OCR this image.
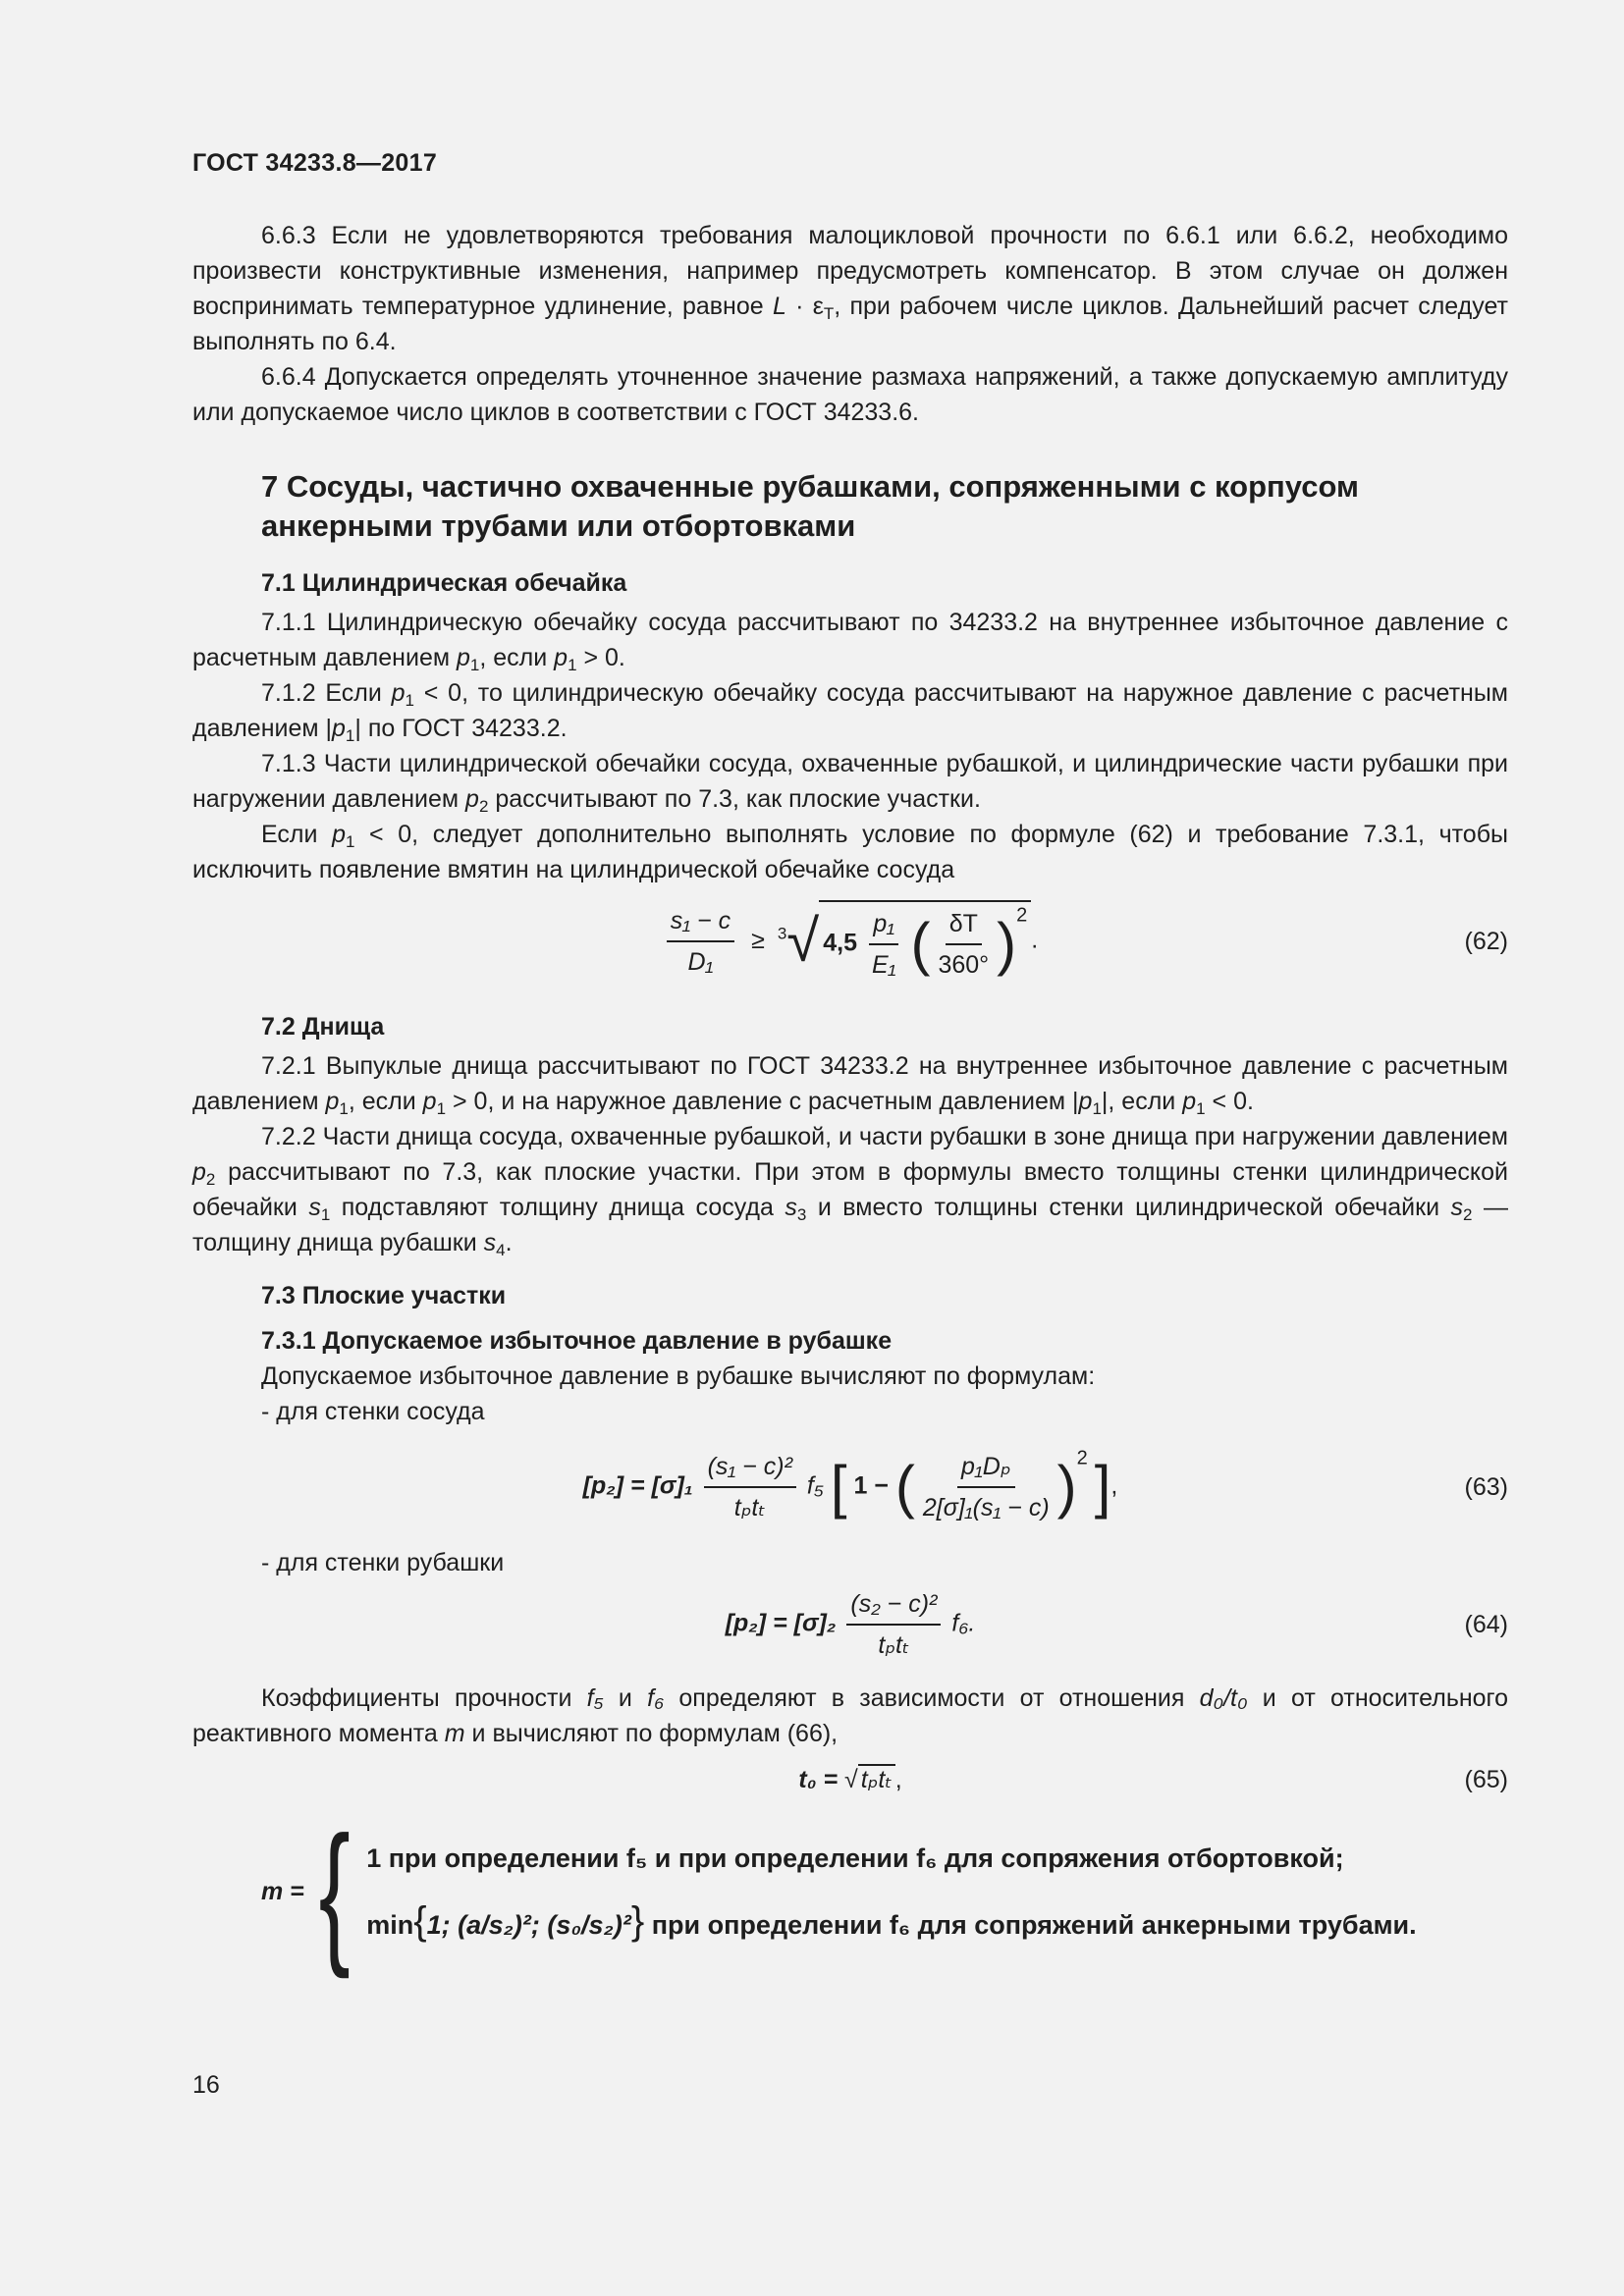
ГОСТ 34233.8—2017

6.6.3 Если не удовлетворяются требования малоцикловой прочности по 6.6.1 или 6.6.2, необходимо произвести конструктивные изменения, например предусмотреть компенсатор. В этом случае он должен воспринимать температурное удлинение, равное $L \cdot \varepsilon_T$, при рабочем числе циклов. Дальнейший расчет следует выполнять по 6.4.

6.6.4 Допускается определять уточненное значение размаха напряжений, а также допускаемую амплитуду или допускаемое число циклов в соответствии с ГОСТ 34233.6.

7 Сосуды, частично охваченные рубашками, сопряженными с корпусом анкерными трубами или отбортовками
7.1 Цилиндрическая обечайка

7.1.1 Цилиндрическую обечайку сосуда рассчитывают по 34233.2 на внутреннее избыточное давление с расчетным давлением $p_1$, если $p_1 > 0$.

7.1.2 Если $p_1 < 0$, то цилиндрическую обечайку сосуда рассчитывают на наружное давление с расчетным давлением $|p_1|$ по ГОСТ 34233.2.

7.1.3 Части цилиндрической обечайки сосуда, охваченные рубашкой, и цилиндрические части рубашки при нагружении давлением $p_2$ рассчитывают по 7.3, как плоские участки.

Если $p_1 < 0$, следует дополнительно выполнять условие по формуле (62) и требование 7.3.1, чтобы исключить появление вмятин на цилиндрической обечайке сосуда

$\frac{\text{s₁ − c}}{\text{D₁}} \ge ^3√$ $4,5 \frac{\text{p₁}}{\text{E₁}}$ ( $\frac{\delta T}{360^\circ} )^2$.	(62)
7.2 Днища

7.2.1 Выпуклые днища рассчитывают по ГОСТ 34233.2 на внутреннее избыточное давление с расчетным давлением $p_1$, если $p_1 > 0$, и на наружное давление с расчетным давлением $|p_1|$, если $p_1 < 0$.

7.2.2 Части днища сосуда, охваченные рубашкой, и части рубашки в зоне днища при нагружении давлением $p_2$ рассчитывают по 7.3, как плоские участки. При этом в формулы вместо толщины стенки цилиндрической обечайки $s_1$ подставляют толщину днища сосуда $s_3$ и вместо толщины стенки цилиндрической обечайки $s_2$ — толщину днища рубашки $s_4$.

7.3 Плоские участки
7.3.1 Допускаемое избыточное давление в рубашке

Допускаемое избыточное давление в рубашке вычисляют по формулам:

- для стенки сосуда

$[p_2] = [\sigma]_1 \frac{\text{(s₁ − c)²}}{\text{tₚtₜ}} f_5$ [ 1 − ( $\frac{\text{p₁Dₚ}}{\text{2[σ]₁(s₁ − c)}} )^2$ ],	(63)

- для стенки рубашки

$[p_2] = [\sigma]_2 \frac{\text{(s₂ − c)²}}{\text{tₚtₜ}} f_6$.	(64)

Коэффициенты прочности f₅ и f₆ определяют в зависимости от отношения d₀/t₀ и от относительного реактивного момента m и вычисляют по формулам (66),

t₀ = √ tₚtₜ ,	(65)
m = { 1 при определении f₅ и при определении f₆ для сопряжения отбортовкой;
min{1; (a/s₂)²; (s₀/s₂)²} при определении f₆ для сопряжений анкерными трубами.
16
